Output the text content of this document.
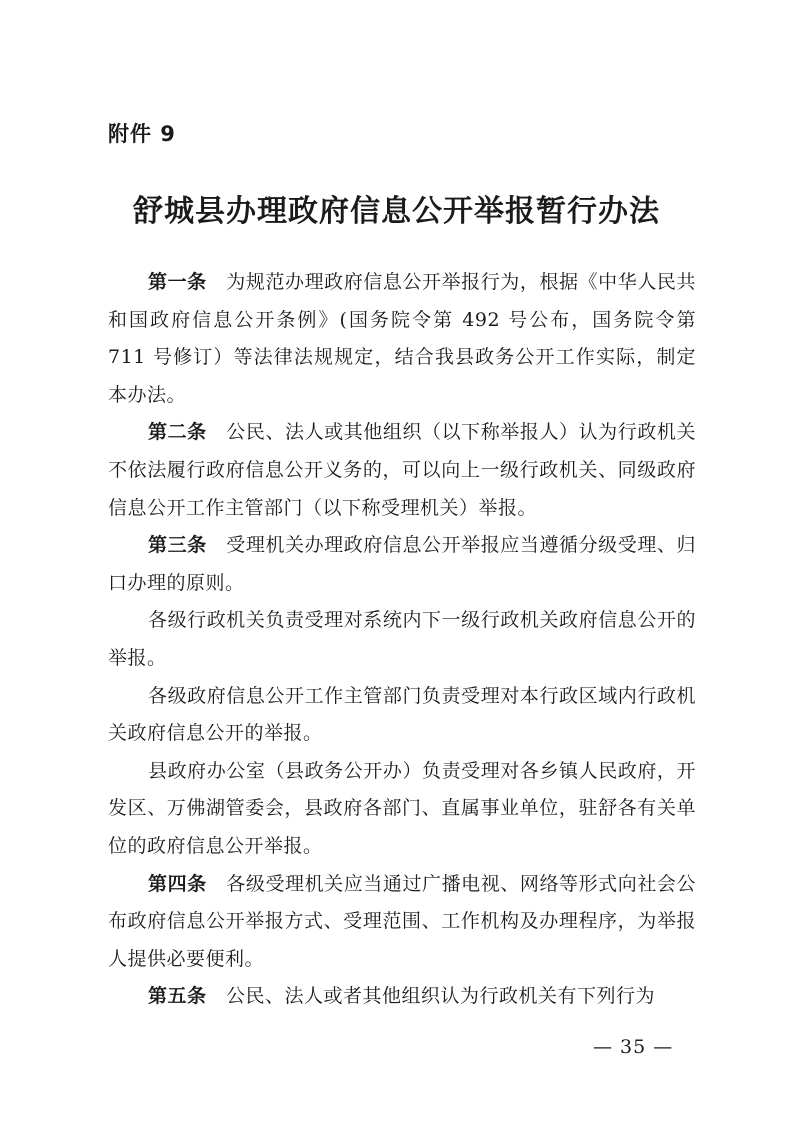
附件 9
舒城县办理政府信息公开举报暂行办法

第一条　 为规范办理政府信息公开举报行为，根据《中华人民共和国政府信息公开条例》(国务院令第 492 号公布，国务院令第 711 号修订）等法律法规规定，结合我县政务公开工作实际，制定本办法。

第二条　 公民、法人或其他组织（以下称举报人）认为行政机关不依法履行政府信息公开义务的，可以向上一级行政机关、同级政府信息公开工作主管部门（以下称受理机关）举报。

第三条　 受理机关办理政府信息公开举报应当遵循分级受理、归口办理的原则。

各级行政机关负责受理对系统内下一级行政机关政府信息公开的举报。

各级政府信息公开工作主管部门负责受理对本行政区域内行政机关政府信息公开的举报。

县政府办公室（县政务公开办）负责受理对各乡镇人民政府，开发区、万佛湖管委会，县政府各部门、直属事业单位，驻舒各有关单位的政府信息公开举报。

第四条　 各级受理机关应当通过广播电视、网络等形式向社会公布政府信息公开举报方式、受理范围、工作机构及办理程序，为举报人提供必要便利。

第五条　 公民、法人或者其他组织认为行政机关有下列行为

— 35 —
